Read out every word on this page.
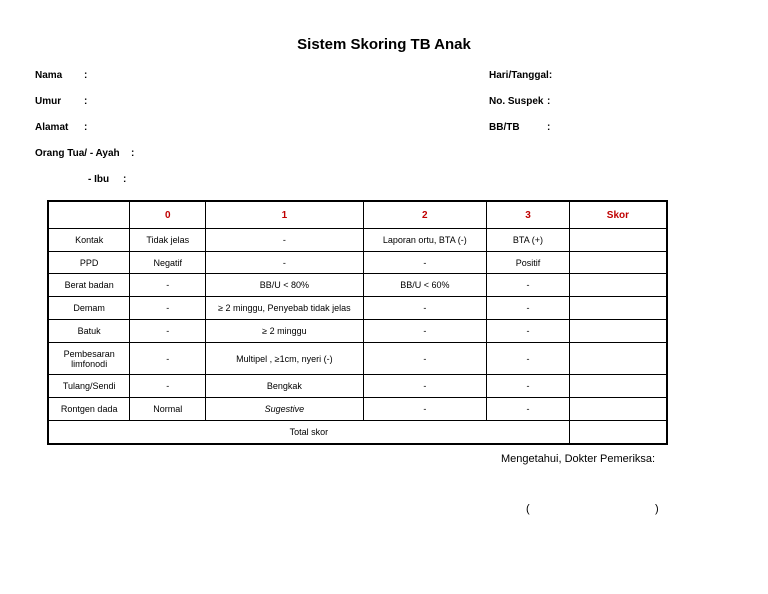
Sistem Skoring TB Anak
Nama :
Umur :
Alamat :
Orang Tua/ - Ayah :
- Ibu :
Hari/Tanggal:
No. Suspek :
BB/TB	:
	0	1	2	3	Skor
Kontak	Tidak jelas	-	Laporan ortu, BTA (-)	BTA (+)	
PPD	Negatif	-	-	Positif	
Berat badan	-	BB/U < 80%	BB/U < 60%	-	
Demam	-	≥ 2 minggu, Penyebab tidak jelas	-	-	
Batuk	-	≥ 2 minggu	-	-	
Pembesaran limfonodi	-	Multipel , ≥1cm, nyeri (-)	-	-	
Tulang/Sendi	-	Bengkak	-	-	
Rontgen dada	Normal	Sugestive	-	-	
Total skor					
Mengetahui, Dokter Pemeriksa:
(	)
